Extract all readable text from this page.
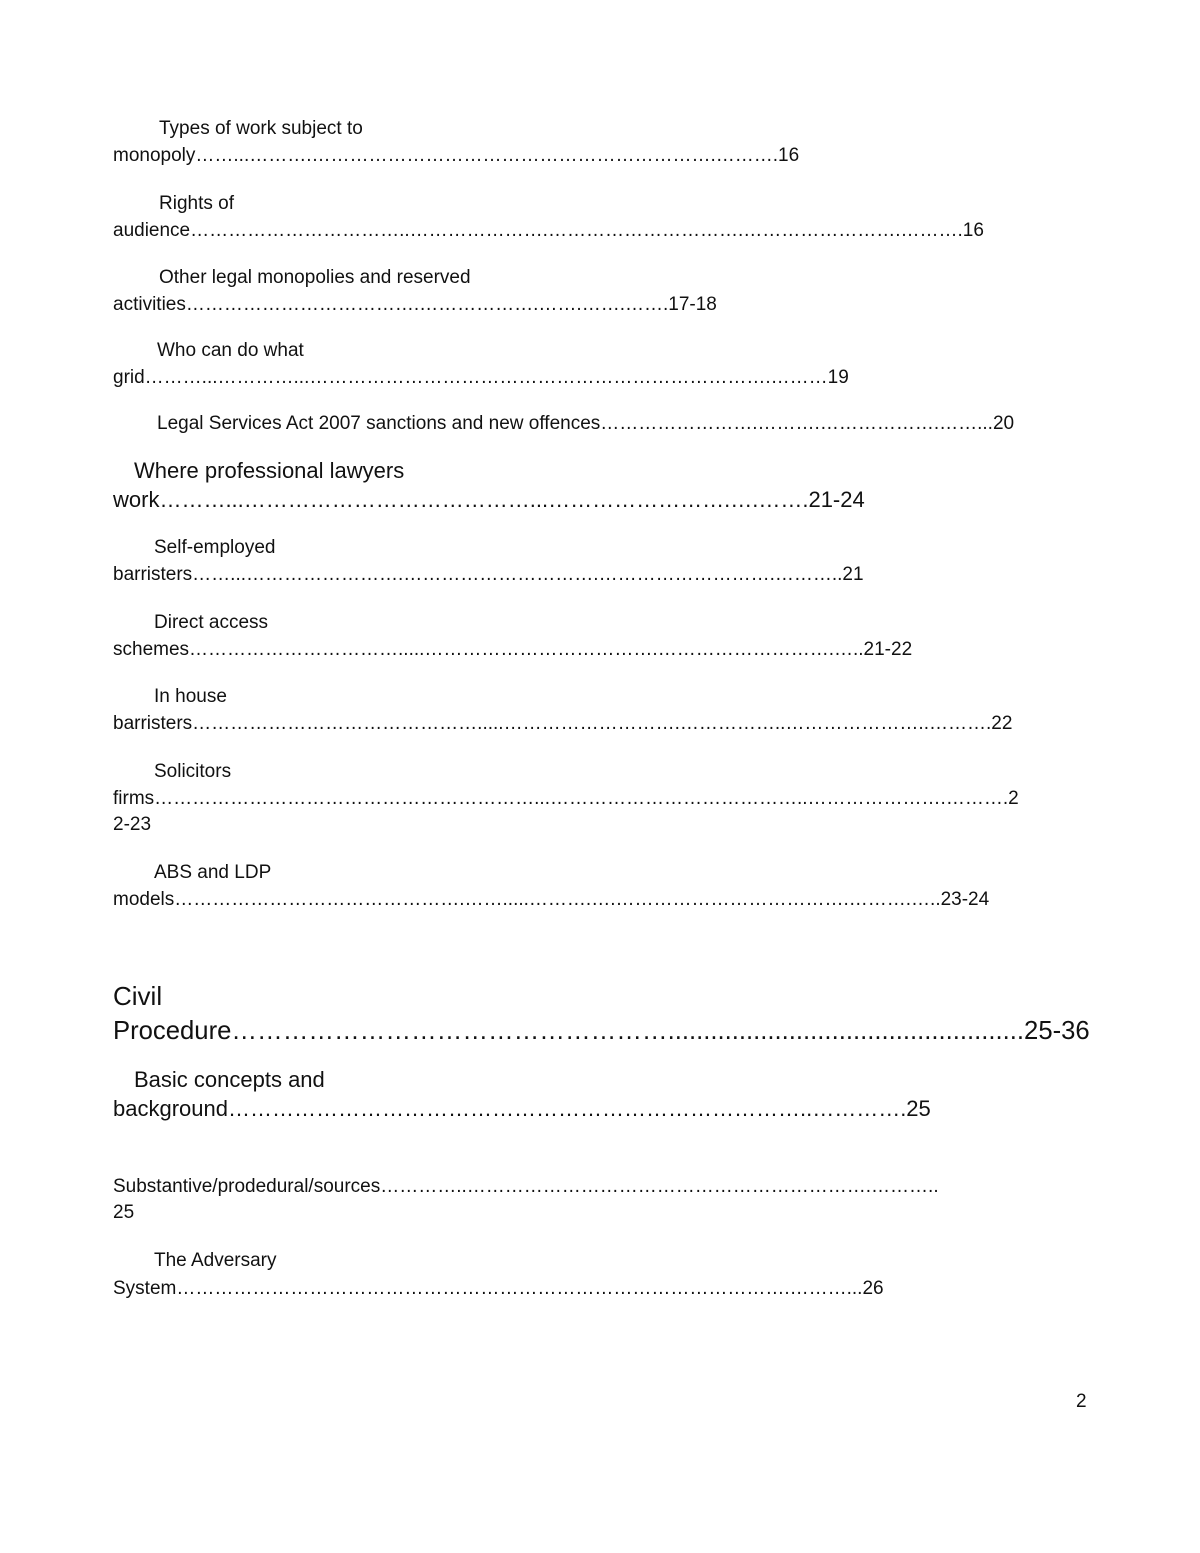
Types of work subject to
monopoly……...……….……………………………………………………….……….16
Rights of
audience……………………………..………………….………………………….…………………….……….16
Other legal monopolies and reserved
activities……………………………….……………….…….…….…….17-18
Who can do what
grid………...…………...……………………………………………………………….………19
Legal Services Act 2007 sanctions and new offences…………………….……….……………….……...20
Where professional lawyers
work………...…………………………………...…………………….….…….21-24
Self-employed
barristers……...…………………….………………………….……………………….………..21
Direct access
schemes…………………………….....……………………………….……………………….…..21-22
In house
barristers……………………………………….....……………………….……………..…………………..……….22
Solicitors
firms……………………………………………………...…………………………………..………………….……….2
2-23
ABS and LDP
models……………………………………….…….....……….….……………………………….……….…..23-24
Civil
Procedure……………………………………………..................................................25-36
Basic concepts and
background……………………………………………………………………..………….25
Substantive/prodedural/sources…………..……………………………………………………….………..
25
The Adversary
System…………………………………………………………………………………….………...26
2
